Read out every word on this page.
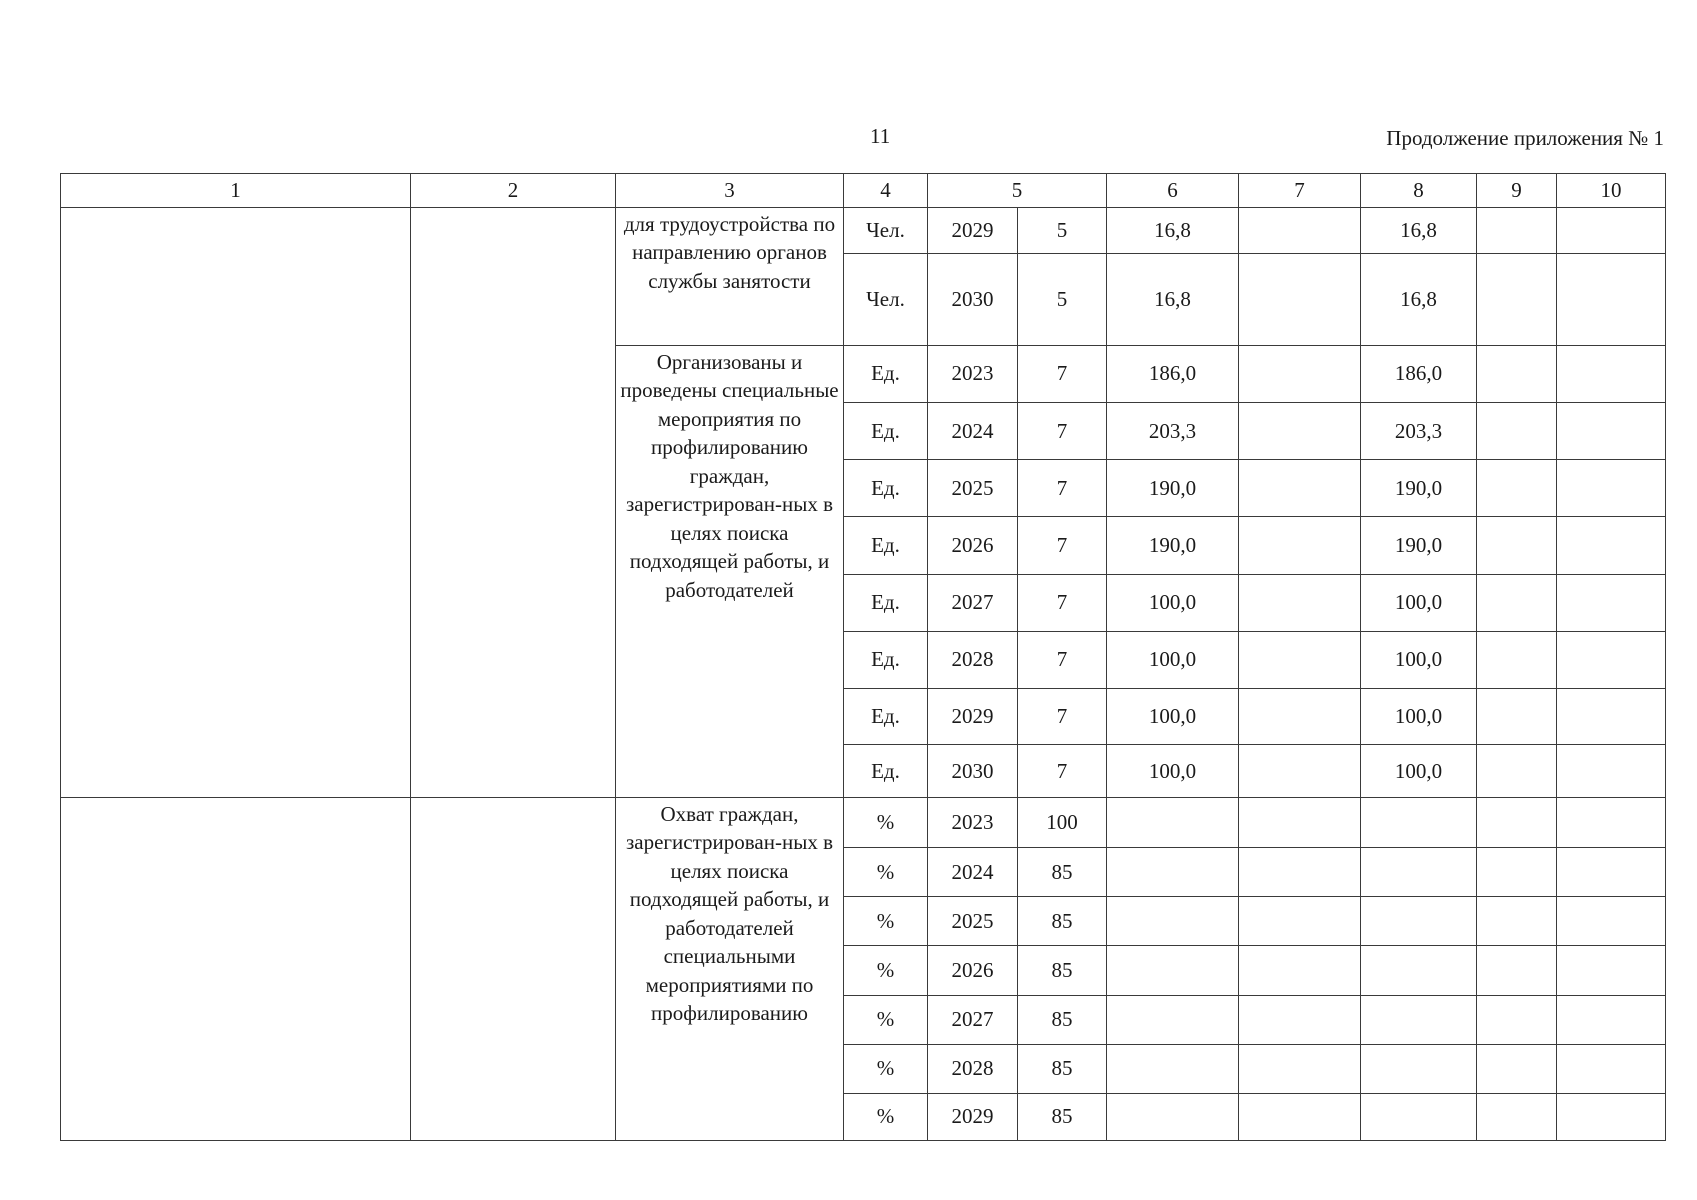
11	Продолжение приложения № 1
1	2	3	4	5		6	7	8	9	10
		для трудоустройства по направлению органов службы занятости	Чел.	2029	5	16,8		16,8		
			Чел.	2030	5	16,8		16,8		
		Организованы и проведены специальные мероприятия по профилированию граждан, зарегистрирован-ных в целях поиска подходящей работы, и работодателей	Ед.	2023	7	186,0		186,0		
			Ед.	2024	7	203,3		203,3		
			Ед.	2025	7	190,0		190,0		
			Ед.	2026	7	190,0		190,0		
			Ед.	2027	7	100,0		100,0		
			Ед.	2028	7	100,0		100,0		
			Ед.	2029	7	100,0		100,0		
			Ед.	2030	7	100,0		100,0		
		Охват граждан, зарегистрирован-ных в целях поиска подходящей работы, и работодателей специальными мероприятиями по профилированию	%	2023	100					
			%	2024	85					
			%	2025	85					
			%	2026	85					
			%	2027	85					
			%	2028	85					
			%	2029	85					
